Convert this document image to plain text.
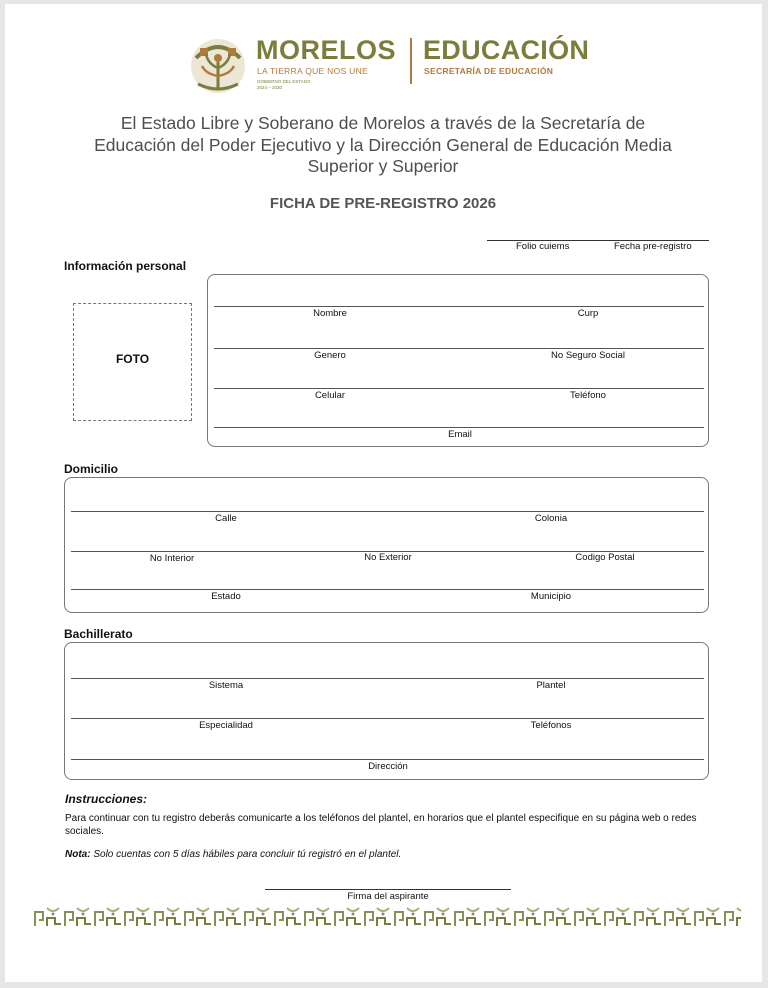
MORELOS
LA TIERRA QUE NOS UNE
GOBIERNO DEL ESTADO
2024 – 2030
EDUCACIÓN
SECRETARÍA DE EDUCACIÓN
El Estado Libre y Soberano de Morelos a través de la Secretaría de
Educación del Poder Ejecutivo y la Dirección General de Educación Media
Superior y Superior
FICHA DE PRE-REGISTRO 2026
Folio cuiems	Fecha pre-registro
Información personal
FOTO
Nombre	Curp
Genero	No Seguro Social
Celular	Teléfono
Email
Domicilio
Calle	Colonia
No Interior	No Exterior	Codigo Postal
Estado	Municipio
Bachillerato
Sistema	Plantel
Especialidad	Teléfonos
Dirección
Instrucciones:
Para continuar con tu registro deberás comunicarte a los teléfonos del plantel, en horarios que el plantel especifique en su página web o redes sociales.
Nota: Solo cuentas con 5 días hábiles para concluir tú registró en el plantel.
Firma del aspirante
